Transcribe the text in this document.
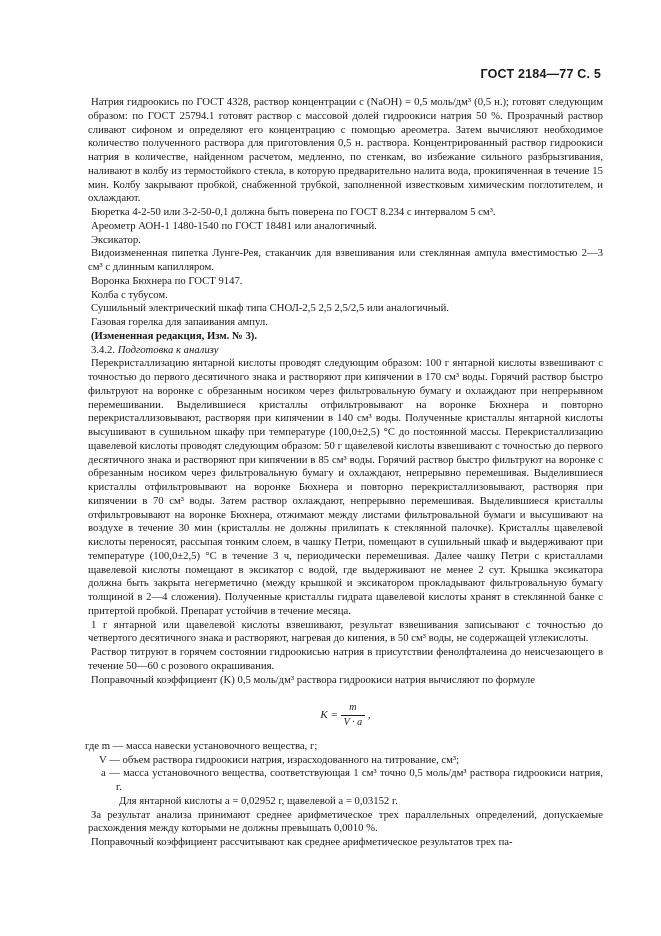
ГОСТ 2184—77 С. 5

Натрия гидроокись по ГОСТ 4328, раствор концентрации c (NaOH) = 0,5 моль/дм³ (0,5 н.); готовят следующим образом: по ГОСТ 25794.1 готовят раствор с массовой долей гидроокиси натрия 50 %. Прозрачный раствор сливают сифоном и определяют его концентрацию с помощью ареометра. Затем вычисляют необходимое количество полученного раствора для приготовления 0,5 н. раствора. Концентрированный раствор гидроокиси натрия в количестве, найденном расчетом, медленно, по стенкам, во избежание сильного разбрызгивания, наливают в колбу из термостойкого стекла, в которую предварительно налита вода, прокипяченная в течение 15 мин. Колбу закрывают пробкой, снабженной трубкой, заполненной известковым химическим поглотителем, и охлаждают.

Бюретка 4-2-50 или 3-2-50-0,1 должна быть поверена по ГОСТ 8.234 с интервалом 5 см³.

Ареометр АОН-1 1480-1540 по ГОСТ 18481 или аналогичный.

Эксикатор.

Видоизмененная пипетка Лунге-Рея, стаканчик для взвешивания или стеклянная ампула вместимостью 2—3 см³ с длинным капилляром.

Воронка Бюхнера по ГОСТ 9147.

Колба с тубусом.

Сушильный электрический шкаф типа СНОЛ-2,5 2,5 2,5/2,5 или аналогичный.

Газовая горелка для запаивания ампул.

(Измененная редакция, Изм. № 3).

3.4.2. Подготовка к анализу

Перекристаллизацию янтарной кислоты проводят следующим образом: 100 г янтарной кислоты взвешивают с точностью до первого десятичного знака и растворяют при кипячении в 170 см³ воды. Горячий раствор быстро фильтруют на воронке с обрезанным носиком через фильтровальную бумагу и охлаждают при непрерывном перемешивании. Выделившиеся кристаллы отфильтровывают на воронке Бюхнера и повторно перекристаллизовывают, растворяя при кипячении в 140 см³ воды. Полученные кристаллы янтарной кислоты высушивают в сушильном шкафу при температуре (100,0±2,5) °С до постоянной массы. Перекристаллизацию щавелевой кислоты проводят следующим образом: 50 г щавелевой кислоты взвешивают с точностью до первого десятичного знака и растворяют при кипячении в 85 см³ воды. Горячий раствор быстро фильтруют на воронке с обрезанным носиком через фильтровальную бумагу и охлаждают, непрерывно перемешивая. Выделившиеся кристаллы отфильтровывают на воронке Бюхнера и повторно перекристаллизовывают, растворяя при кипячении в 70 см³ воды. Затем раствор охлаждают, непрерывно перемешивая. Выделившиеся кристаллы отфильтровывают на воронке Бюхнера, отжимают между листами фильтровальной бумаги и высушивают на воздухе в течение 30 мин (кристаллы не должны прилипать к стеклянной палочке). Кристаллы щавелевой кислоты переносят, рассыпая тонким слоем, в чашку Петри, помещают в сушильный шкаф и выдерживают при температуре (100,0±2,5) °С в течение 3 ч, периодически перемешивая. Далее чашку Петри с кристаллами щавелевой кислоты помещают в эксикатор с водой, где выдерживают не менее 2 сут. Крышка эксикатора должна быть закрыта негерметично (между крышкой и эксикатором прокладывают фильтровальную бумагу толщиной в 2—4 сложения). Полученные кристаллы гидрата щавелевой кислоты хранят в стеклянной банке с притертой пробкой. Препарат устойчив в течение месяца.

1 г янтарной или щавелевой кислоты взвешивают, результат взвешивания записывают с точностью до четвертого десятичного знака и растворяют, нагревая до кипения, в 50 см³ воды, не содержащей углекислоты.

Раствор титруют в горячем состоянии гидроокисью натрия в присутствии фенолфталеина до неисчезающего в течение 50—60 с розового окрашивания.

Поправочный коэффициент (K) 0,5 моль/дм³ раствора гидроокиси натрия вычисляют по формуле

$K = \frac{m}{V \cdot a}$ ,

где m — масса навески установочного вещества, г;

V — объем раствора гидроокиси натрия, израсходованного на титрование, см³;

a — масса установочного вещества, соответствующая 1 см³ точно 0,5 моль/дм³ раствора гидроокиси натрия, г.

Для янтарной кислоты a = 0,02952 г, щавелевой a = 0,03152 г.

За результат анализа принимают среднее арифметическое трех параллельных определений, допускаемые расхождения между которыми не должны превышать 0,0010 %.

Поправочный коэффициент рассчитывают как среднее арифметическое результатов трех па-
